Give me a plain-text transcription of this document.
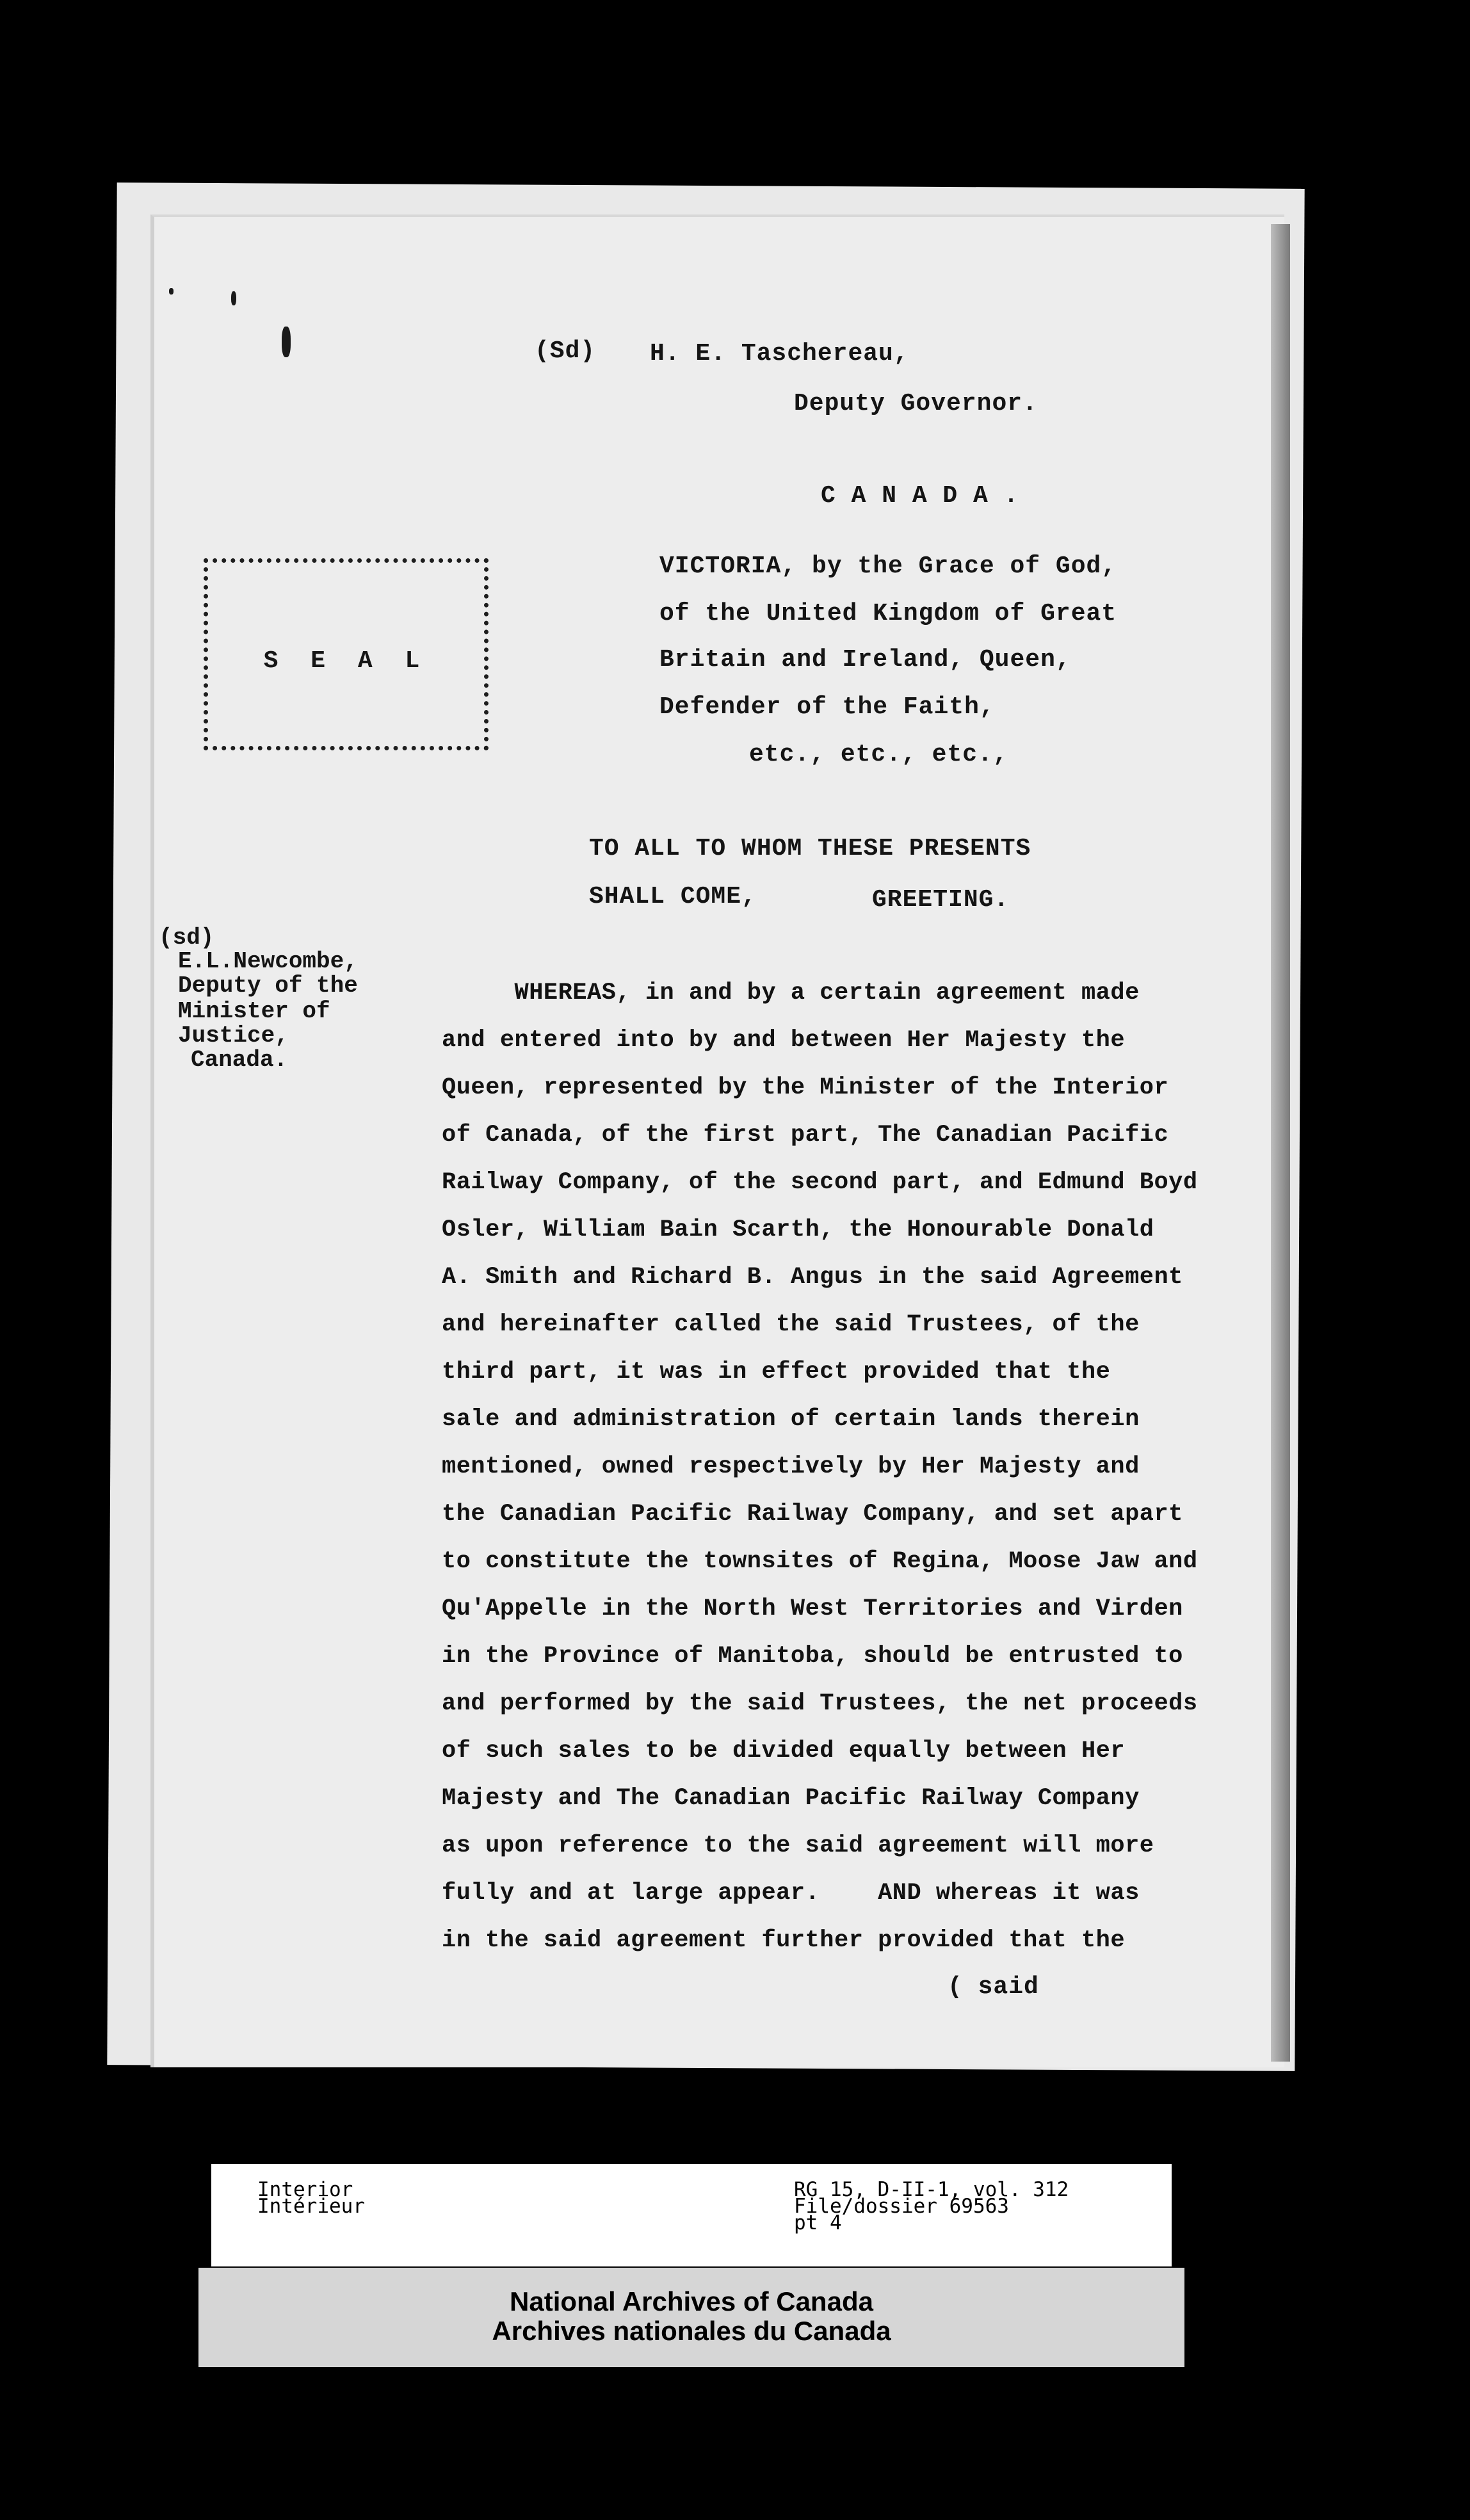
(Sd) H. E. Taschereau,
Deputy Governor.
C A N A D A .
S E A L
VICTORIA, by the Grace of God,
of the United Kingdom of Great
Britain and Ireland, Queen,
Defender of the Faith,
etc., etc., etc.,
TO ALL TO WHOM THESE PRESENTS
SHALL COME,	GREETING.
(sd)
E.L.Newcombe,
Deputy of the
Minister of
Justice,
Canada.
WHEREAS, in and by a certain agreement made
and entered into by and between Her Majesty the
Queen, represented by the Minister of the Interior
of Canada, of the first part, The Canadian Pacific
Railway Company, of the second part, and Edmund Boyd
Osler, William Bain Scarth, the Honourable Donald
A. Smith and Richard B. Angus in the said Agreement
and hereinafter called the said Trustees, of the
third part, it was in effect provided that the
sale and administration of certain lands therein
mentioned, owned respectively by Her Majesty and
the Canadian Pacific Railway Company, and set apart
to constitute the townsites of Regina, Moose Jaw and
Qu'Appelle in the North West Territories and Virden
in the Province of Manitoba, should be entrusted to
and performed by the said Trustees, the net proceeds
of such sales to be divided equally between Her
Majesty and The Canadian Pacific Railway Company
as upon reference to the said agreement will more
fully and at large appear.    AND whereas it was
in the said agreement further provided that the
( said
Interior
Intérieur
RG 15, D-II-1, vol. 312
File/dossier 69563
pt 4
National Archives of Canada
Archives nationales du Canada
